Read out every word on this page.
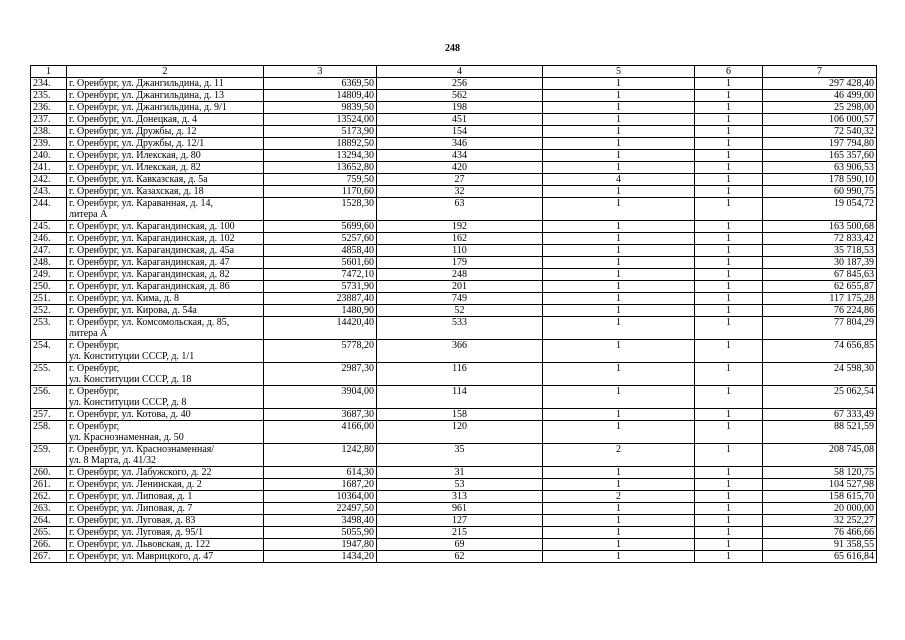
248
1	2	3	4	5	6	7
234.	г. Оренбург, ул. Джангильдина, д. 11	6369,50	256	1	1	297 428,40
235.	г. Оренбург, ул. Джангильдина, д. 13	14809,40	562	1	1	46 499,00
236.	г. Оренбург, ул. Джангильдина, д. 9/1	9839,50	198	1	1	25 298,00
237.	г. Оренбург, ул. Донецкая, д. 4	13524,00	451	1	1	106 000,57
238.	г. Оренбург, ул. Дружбы, д. 12	5173,90	154	1	1	72 540,32
239.	г. Оренбург, ул. Дружбы, д. 12/1	18892,50	346	1	1	197 794,80
240.	г. Оренбург, ул. Илекская, д. 80	13294,30	434	1	1	165 357,60
241.	г. Оренбург, ул. Илекская, д. 82	13652,80	420	1	1	63 906,53
242.	г. Оренбург, ул. Кавказская, д. 5а	759,50	27	4	1	178 590,10
243.	г. Оренбург, ул. Казахская, д. 18	1170,60	32	1	1	60 990,75
244.	г. Оренбург, ул. Караванная, д. 14,
литера А	1528,30	63	1	1	19 054,72
245.	г. Оренбург, ул. Карагандинская, д. 100	5699,60	192	1	1	163 500,68
246.	г. Оренбург, ул. Карагандинская, д. 102	5257,60	162	1	1	72 833,42
247.	г. Оренбург, ул. Карагандинская, д. 45а	4858,40	110	1	1	35 718,53
248.	г. Оренбург, ул. Карагандинская, д. 47	5601,60	179	1	1	30 187,39
249.	г. Оренбург, ул. Карагандинская, д. 82	7472,10	248	1	1	67 845,63
250.	г. Оренбург, ул. Карагандинская, д. 86	5731,90	201	1	1	62 655,87
251.	г. Оренбург, ул. Кима, д. 8	23887,40	749	1	1	117 175,28
252.	г. Оренбург, ул. Кирова, д. 54а	1480,90	52	1	1	76 224,86
253.	г. Оренбург, ул. Комсомольская, д. 85,
литера А	14420,40	533	1	1	77 804,29
254.	г. Оренбург,
ул. Конституции СССР, д. 1/1	5778,20	366	1	1	74 656,85
255.	г. Оренбург,
ул. Конституции СССР, д. 18	2987,30	116	1	1	24 598,30
256.	г. Оренбург,
ул. Конституции СССР, д. 8	3904,00	114	1	1	25 062,54
257.	г. Оренбург, ул. Котова, д. 40	3687,30	158	1	1	67 333,49
258.	г. Оренбург,
ул. Краснознаменная, д. 50	4166,00	120	1	1	88 521,59
259.	г. Оренбург, ул. Краснознаменная/
ул. 8 Марта, д. 41/32	1242,80	35	2	1	208 745,08
260.	г. Оренбург, ул. Лабужского, д. 22	614,30	31	1	1	58 120,75
261.	г. Оренбург, ул. Ленинская, д. 2	1687,20	53	1	1	104 527,98
262.	г. Оренбург, ул. Липовая, д. 1	10364,00	313	2	1	158 615,70
263.	г. Оренбург, ул. Липовая, д. 7	22497,50	961	1	1	20 000,00
264.	г. Оренбург, ул. Луговая, д. 83	3498,40	127	1	1	32 252,27
265.	г. Оренбург, ул. Луговая, д. 95/1	5055,90	215	1	1	76 466,66
266.	г. Оренбург, ул. Львовская, д. 122	1947,80	69	1	1	91 358,55
267.	г. Оренбург, ул. Маврицкого, д. 47	1434,20	62	1	1	65 616,84
